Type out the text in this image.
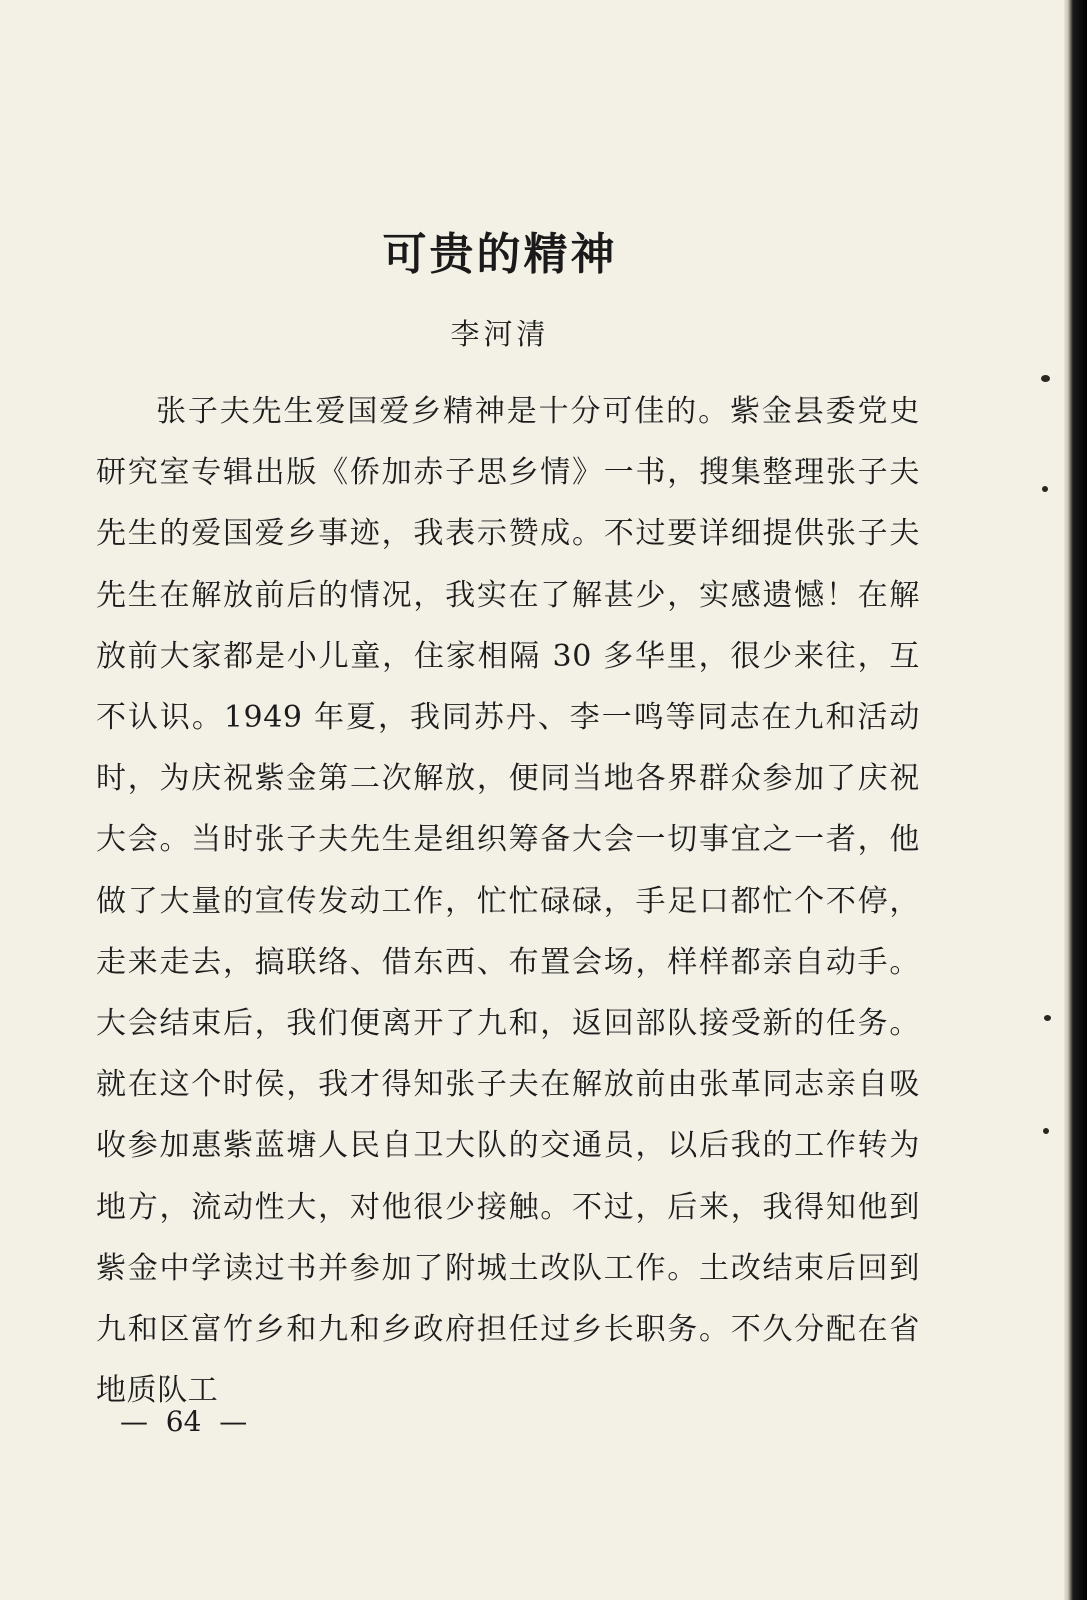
可贵的精神

李河清

张子夫先生爱国爱乡精神是十分可佳的。紫金县委党史研究室专辑出版《侨加赤子思乡情》一书，搜集整理张子夫先生的爱国爱乡事迹，我表示赞成。不过要详细提供张子夫先生在解放前后的情况，我实在了解甚少，实感遗憾！在解放前大家都是小儿童，住家相隔 30 多华里，很少来往，互不认识。1949 年夏，我同苏丹、李一鸣等同志在九和活动时，为庆祝紫金第二次解放，便同当地各界群众参加了庆祝大会。当时张子夫先生是组织筹备大会一切事宜之一者，他做了大量的宣传发动工作，忙忙碌碌，手足口都忙个不停，走来走去，搞联络、借东西、布置会场，样样都亲自动手。大会结束后，我们便离开了九和，返回部队接受新的任务。就在这个时侯，我才得知张子夫在解放前由张革同志亲自吸收参加惠紫蓝塘人民自卫大队的交通员，以后我的工作转为地方，流动性大，对他很少接触。不过，后来，我得知他到紫金中学读过书并参加了附城土改队工作。土改结束后回到九和区富竹乡和九和乡政府担任过乡长职务。不久分配在省地质队工

—  64  —
